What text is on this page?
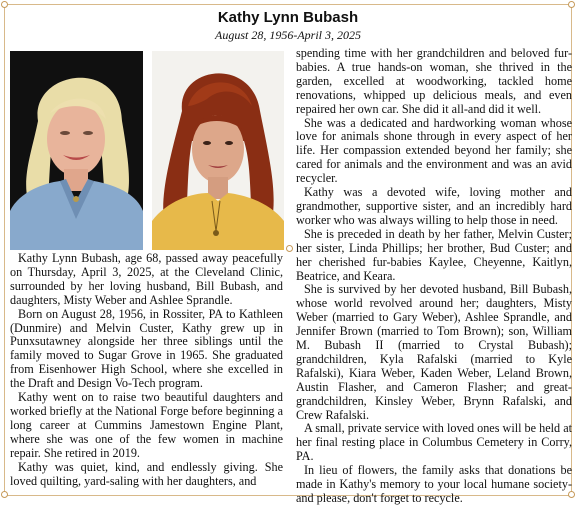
Kathy Lynn Bubash
August 28, 1956-April 3, 2025

Kathy Lynn Bubash, age 68, passed away peacefully on Thursday, April 3, 2025, at the Cleveland Clinic, surrounded by her loving husband, Bill Bubash, and daughters, Misty Weber and Ashlee Sprandle.

Born on August 28, 1956, in Rossiter, PA to Kathleen (Dunmire) and Melvin Custer, Kathy grew up in Punxsutawney alongside her three siblings until the family moved to Sugar Grove in 1965. She graduated from Eisenhower High School, where she excelled in the Draft and Design Vo-Tech program.

Kathy went on to raise two beautiful daughters and worked briefly at the National Forge before beginning a long career at Cummins Jamestown Engine Plant, where she was one of the few women in machine repair. She retired in 2019.

Kathy was quiet, kind, and endlessly giving. She loved quilting, yard-saling with her daughters, and

spending time with her grandchildren and beloved fur-babies. A true hands-on woman, she thrived in the garden, excelled at woodworking, tackled home renovations, whipped up delicious meals, and even repaired her own car. She did it all-and did it well.

She was a dedicated and hardworking woman whose love for animals shone through in every aspect of her life. Her compassion extended beyond her family; she cared for animals and the environment and was an avid recycler.

Kathy was a devoted wife, loving mother and grandmother, supportive sister, and an incredibly hard worker who was always willing to help those in need.

She is preceded in death by her father, Melvin Custer; her sister, Linda Phillips; her brother, Bud Custer; and her cherished fur-babies Kaylee, Cheyenne, Kaitlyn, Beatrice, and Keara.

She is survived by her devoted husband, Bill Bubash, whose world revolved around her; daughters, Misty Weber (married to Gary Weber), Ashlee Sprandle, and Jennifer Brown (married to Tom Brown); son, William M. Bubash II (married to Crystal Bubash); grandchildren, Kyla Rafalski (married to Kyle Rafalski), Kiara Weber, Kaden Weber, Leland Brown, Austin Flasher, and Cameron Flasher; and great-grandchildren, Kinsley Weber, Brynn Rafalski, and Crew Rafalski.

A small, private service with loved ones will be held at her final resting place in Columbus Cemetery in Corry, PA.

In lieu of flowers, the family asks that donations be made in Kathy's memory to your local humane society-and please, don't forget to recycle.
